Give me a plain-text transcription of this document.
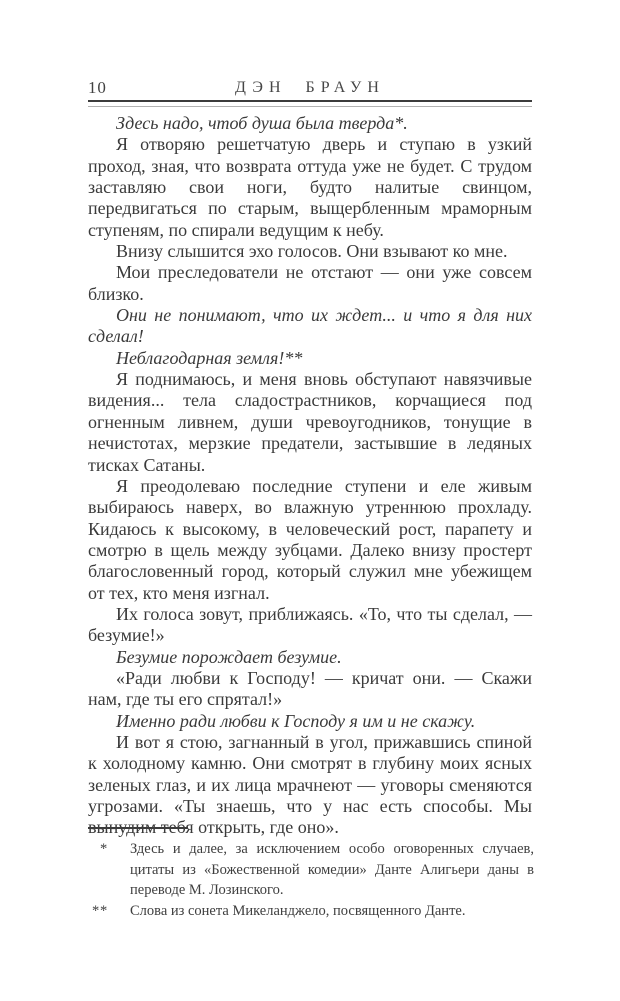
10	ДЭН БРАУН

Здесь надо, чтоб душа была тверда*.

Я отворяю решетчатую дверь и ступаю в узкий проход, зная, что возврата оттуда уже не будет. С трудом заставляю свои ноги, будто налитые свинцом, передвигаться по старым, выщербленным мраморным ступеням, по спирали ведущим к небу.

Внизу слышится эхо голосов. Они взывают ко мне.

Мои преследователи не отстают — они уже совсем близко.

Они не понимают, что их ждет... и что я для них сделал!

Неблагодарная земля!**

Я поднимаюсь, и меня вновь обступают навязчивые видения... тела сладострастников, корчащиеся под огненным ливнем, души чревоугодников, тонущие в нечистотах, мерзкие предатели, застывшие в ледяных тисках Сатаны.

Я преодолеваю последние ступени и еле живым выбираюсь наверх, во влажную утреннюю прохладу. Кидаюсь к высокому, в человеческий рост, парапету и смотрю в щель между зубцами. Далеко внизу простерт благословенный город, который служил мне убежищем от тех, кто меня изгнал.

Их голоса зовут, приближаясь. «То, что ты сделал, — безумие!»

Безумие порождает безумие.

«Ради любви к Господу! — кричат они. — Скажи нам, где ты его спрятал!»

Именно ради любви к Господу я им и не скажу.

И вот я стою, загнанный в угол, прижавшись спиной к холодному камню. Они смотрят в глубину моих ясных зеленых глаз, и их лица мрачнеют — уговоры сменяются угрозами. «Ты знаешь, что у нас есть способы. Мы вынудим тебя открыть, где оно».

* Здесь и далее, за исключением особо оговоренных случаев, цитаты из «Божественной комедии» Данте Алигьери даны в переводе М. Лозинского.
** Слова из сонета Микеланджело, посвященного Данте.
